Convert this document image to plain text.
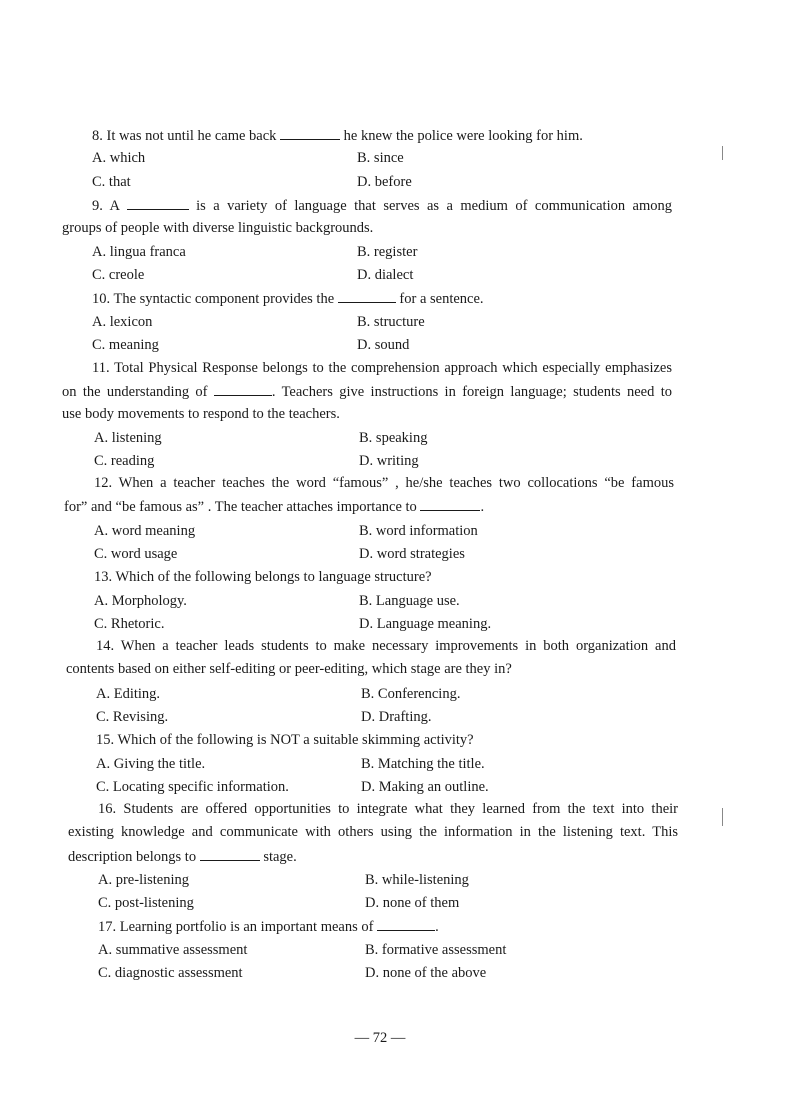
8. It was not until he came back	he knew the police were looking for him.
A. which	B. since
C. that	D. before
9. A	is a variety of language that serves as a medium of communication among
groups of people with diverse linguistic backgrounds.
A. lingua franca	B. register
C. creole	D. dialect
10. The syntactic component provides the	for a sentence.
A. lexicon	B. structure
C. meaning	D. sound
11. Total Physical Response belongs to the comprehension approach which especially emphasizes
on the understanding of	. Teachers give instructions in foreign language; students need to
use body movements to respond to the teachers.
A. listening	B. speaking
C. reading	D. writing
12. When a teacher teaches the word “famous” , he/she teaches two collocations “be famous
for” and “be famous as” . The teacher attaches importance to	.
A. word meaning	B. word information
C. word usage	D. word strategies
13. Which of the following belongs to language structure?
A. Morphology.	B. Language use.
C. Rhetoric.	D. Language meaning.
14. When a teacher leads students to make necessary improvements in both organization and
contents based on either self-editing or peer-editing, which stage are they in?
A. Editing.	B. Conferencing.
C. Revising.	D. Drafting.
15. Which of the following is NOT a suitable skimming activity?
A. Giving the title.	B. Matching the title.
C. Locating specific information.	D. Making an outline.
16. Students are offered opportunities to integrate what they learned from the text into their
existing knowledge and communicate with others using the information in the listening text. This
description belongs to	stage.
A. pre-listening	B. while-listening
C. post-listening	D. none of them
17. Learning portfolio is an important means of	.
A. summative assessment	B. formative assessment
C. diagnostic assessment	D. none of the above
— 72 —
